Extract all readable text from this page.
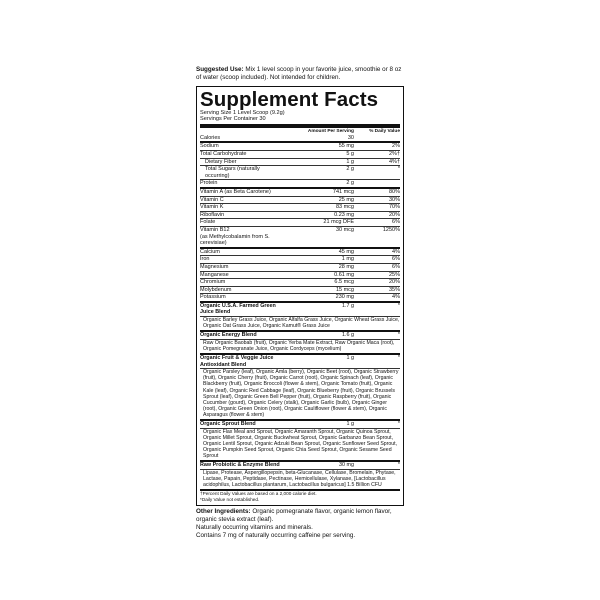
Suggested Use: Mix 1 level scoop in your favorite juice, smoothie or 8 oz of water (scoop included). Not intended for children.
Supplement Facts
Serving Size 1 Level Scoop (9.2g)
Servings Per Container 30
Amount Per Serving	% Daily Value
Calories	30
Sodium	55 mg	2%
Total Carbohydrate	5 g	2%†
Dietary Fiber	1 g	4%†
Total Sugars (naturally occurring)
2 g	*
Protein	2 g
Vitamin A (as Beta Carotene)	741 mcg	80%
Vitamin C	25 mg	30%
Vitamin K	83 mcg	70%
Riboflavin	0.23 mg	20%
Folate	21 mcg DFE	6%
Vitamin B12
(as Methylcobalamin from S. cerevisiae)
30 mcg	1250%
Calcium	45 mg	4%
Iron	1 mg	6%
Magnesium	28 mg	6%
Manganese	0.61 mg	25%
Chromium	6.5 mcg	20%
Molybdenum	15 mcg	35%
Potassium	230 mg	4%
Organic U.S.A. Farmed Green Juice Blend
1.7 g	*
Organic Barley Grass Juice, Organic Alfalfa Grass Juice, Organic Wheat Grass Juice, Organic Oat Grass Juice, Organic Kamut® Grass Juice
Organic Energy Blend	1.6 g	*
Raw Organic Baobab (fruit), Organic Yerba Mate Extract, Raw Organic Maca (root), Organic Pomegranate Juice, Organic Cordyceps (mycelium)
Organic Fruit & Veggie Juice Antioxidant Blend
1 g	*
Organic Parsley (leaf), Organic Amla (berry), Organic Beet (root), Organic Strawberry (fruit), Organic Cherry (fruit), Organic Carrot (root), Organic Spinach (leaf), Organic Blackberry (fruit), Organic Broccoli (flower & stem), Organic Tomato (fruit), Organic Kale (leaf), Organic Red Cabbage (leaf), Organic Blueberry (fruit), Organic Brussels Sprout (leaf), Organic Green Bell Pepper (fruit), Organic Raspberry (fruit), Organic Cucumber (gourd), Organic Celery (stalk), Organic Garlic (bulb), Organic Ginger (root), Organic Green Onion (root), Organic Cauliflower (flower & stem), Organic Asparagus (flower & stem)
Organic Sprout Blend	1 g	*
Organic Flax Meal and Sprout, Organic Amaranth Sprout, Organic Quinoa Sprout, Organic Millet Sprout, Organic Buckwheat Sprout, Organic Garbanzo Bean Sprout, Organic Lentil Sprout, Organic Adzuki Bean Sprout, Organic Sunflower Seed Sprout, Organic Pumpkin Seed Sprout, Organic Chia Seed Sprout, Organic Sesame Seed Sprout
Raw Probiotic & Enzyme Blend	30 mg	*
Lipase, Protease, Aspergillopepsin, beta-Glucanase, Cellulase, Bromelain, Phytase, Lactase, Papain, Peptidase, Pectinase, Hemicellulase, Xylanase, [Lactobacillus acidophilus, Lactobacillus plantarum, Lactobacillus bulgaricus] 1.5 Billion CFU
†Percent Daily Values are based on a 2,000 calorie diet.
*Daily Value not established.
Other Ingredients: Organic pomegranate flavor, organic lemon flavor, organic stevia extract (leaf).
Naturally occurring vitamins and minerals.
Contains 7 mg of naturally occurring caffeine per serving.
